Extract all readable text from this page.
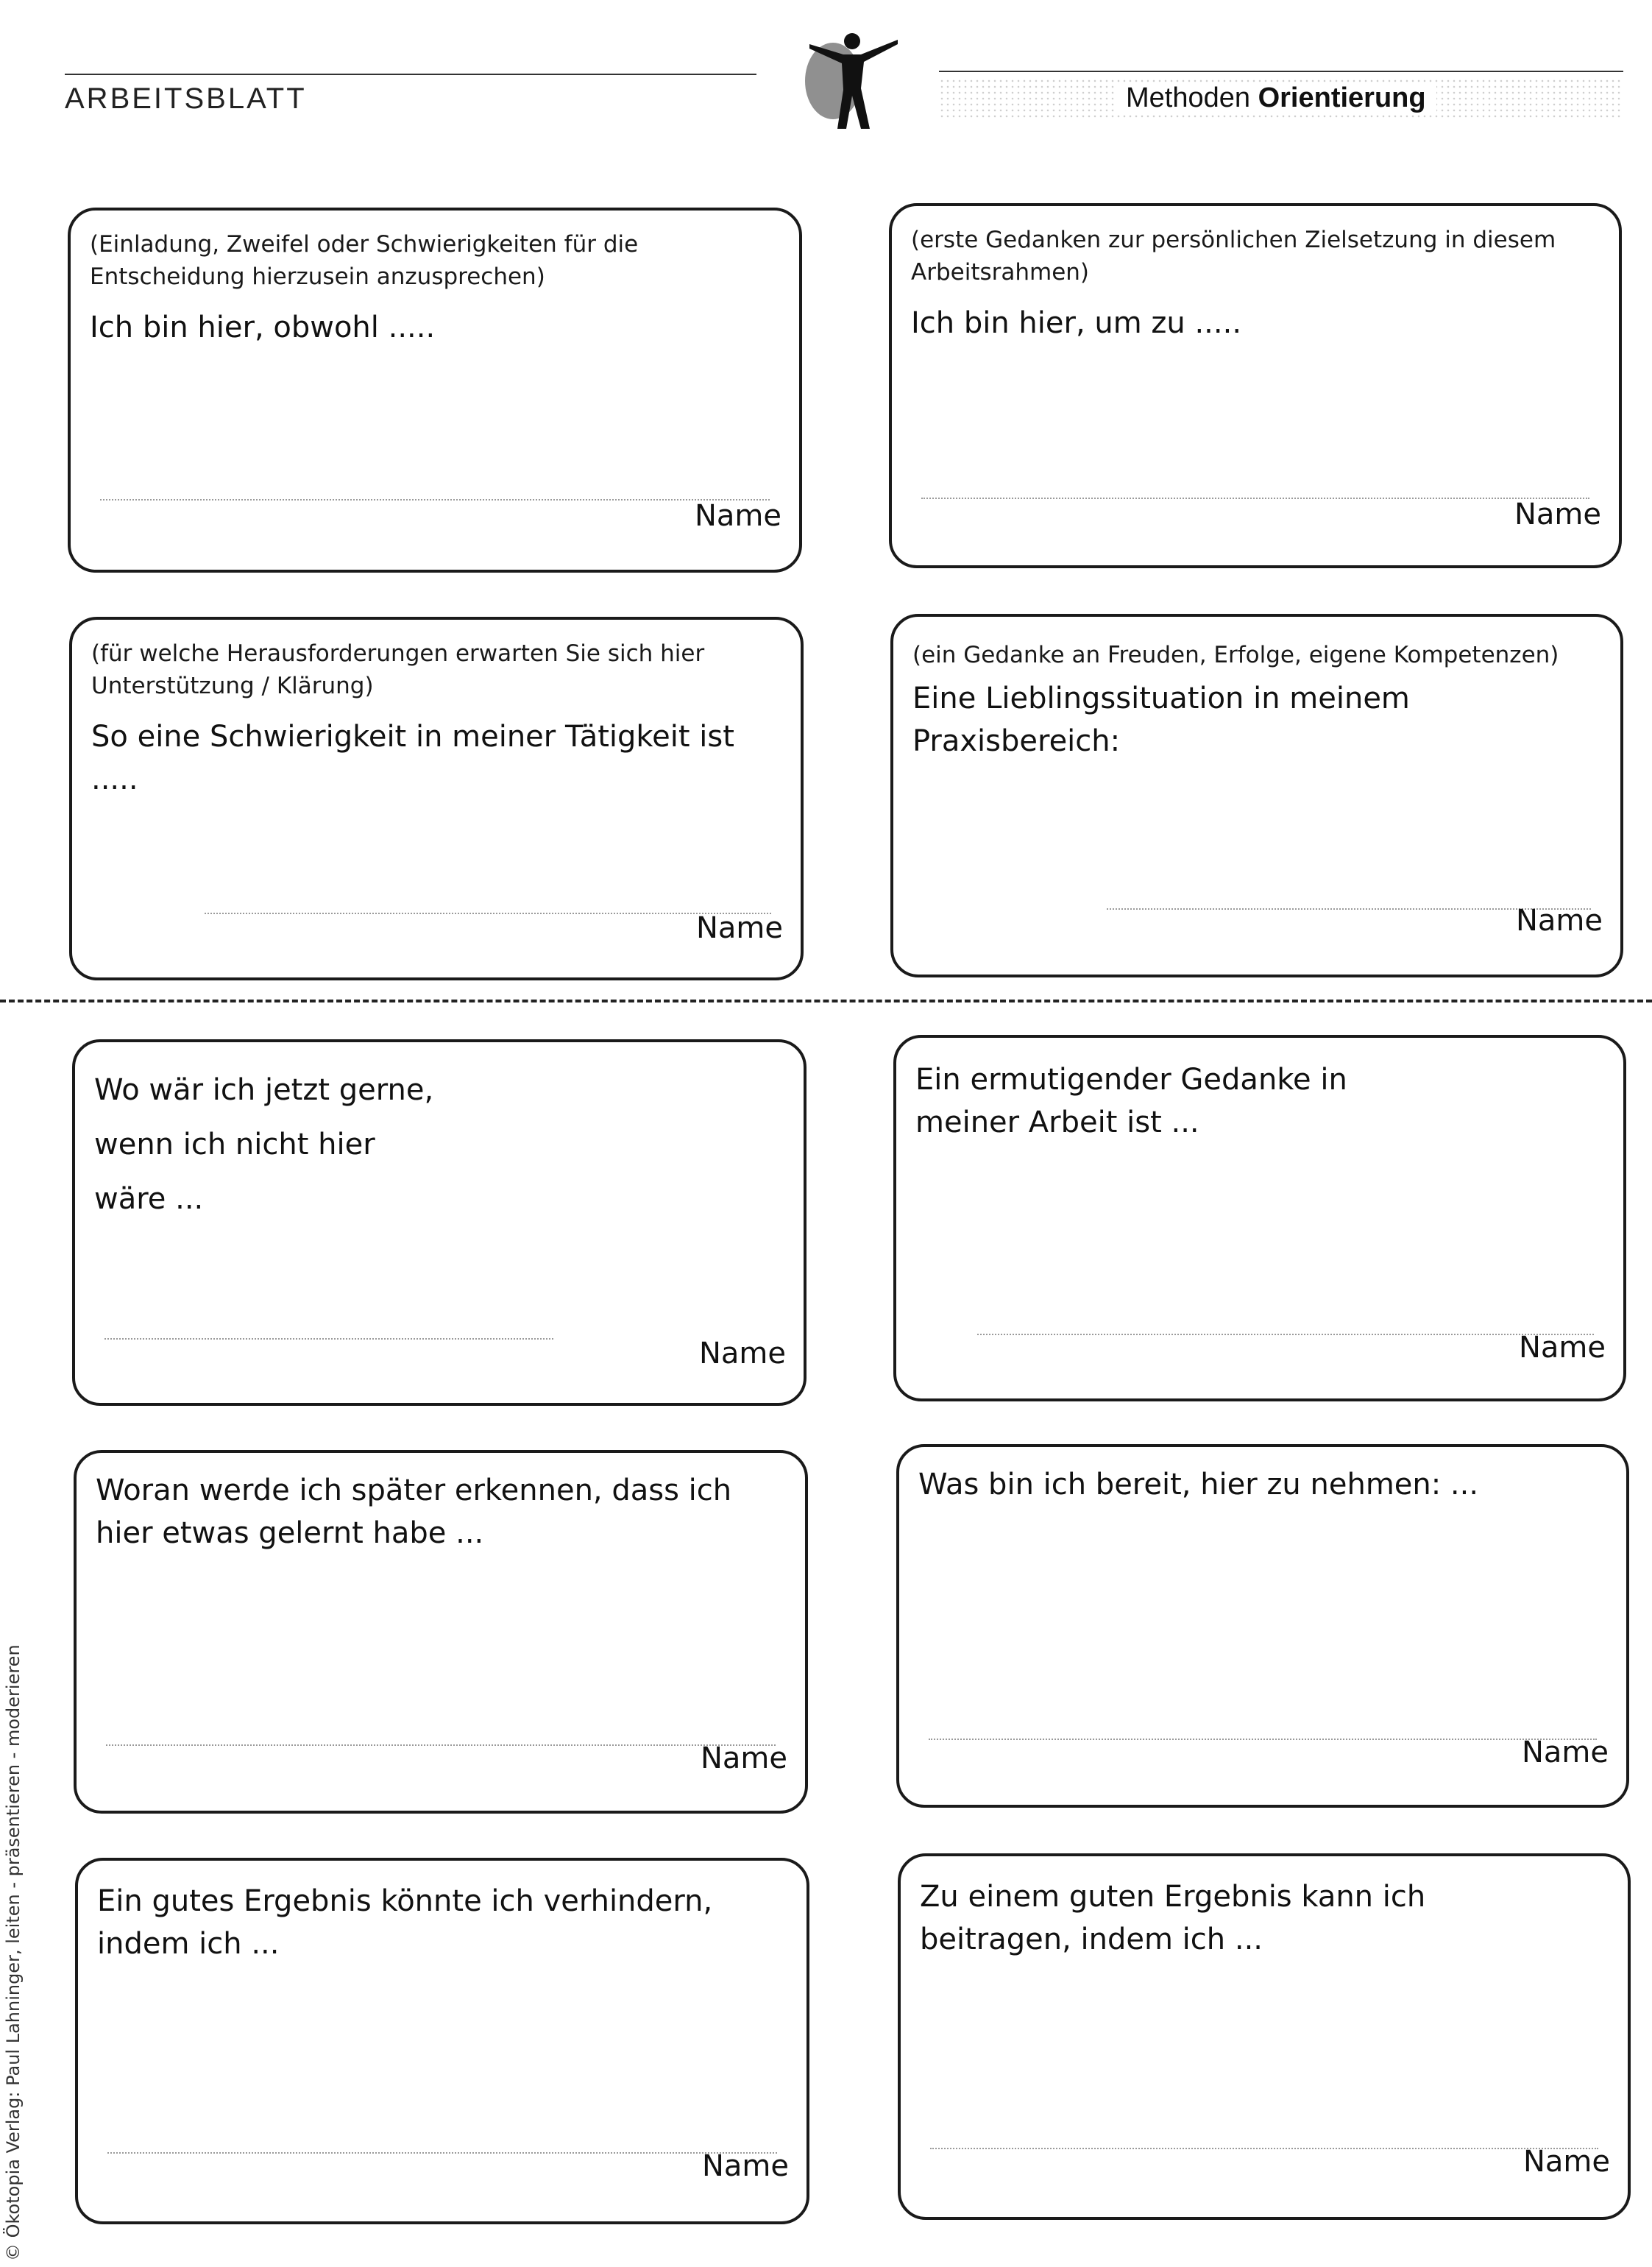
ARBEITSBLATT	Methoden Orientierung
(Einladung, Zweifel oder Schwierigkeiten für die Entscheidung hierzusein anzusprechen)
Ich bin hier, obwohl .....
Name
(erste Gedanken zur persönlichen Zielsetzung in diesem Arbeitsrahmen)
Ich bin hier, um zu .....
Name
(für welche Herausforderungen erwarten Sie sich hier Unterstützung / Klärung)
So eine Schwierigkeit in meiner Tätigkeit ist .....
Name
(ein Gedanke an Freuden, Erfolge, eigene Kompetenzen)
Eine Lieblingssituation in meinem Praxisbereich:
Name
Wo wär ich jetzt gerne, wenn ich nicht hier wäre ...
Name
Ein ermutigender Gedanke in meiner Arbeit ist ...
Name
Woran werde ich später erkennen, dass ich hier etwas gelernt habe ...
Name
Was bin ich bereit, hier zu nehmen: ...
Name
Ein gutes Ergebnis könnte ich verhindern, indem ich ...
Name
Zu einem guten Ergebnis kann ich beitragen, indem ich ...
Name
© Ökotopia Verlag: Paul Lahninger, leiten - präsentieren - moderieren
